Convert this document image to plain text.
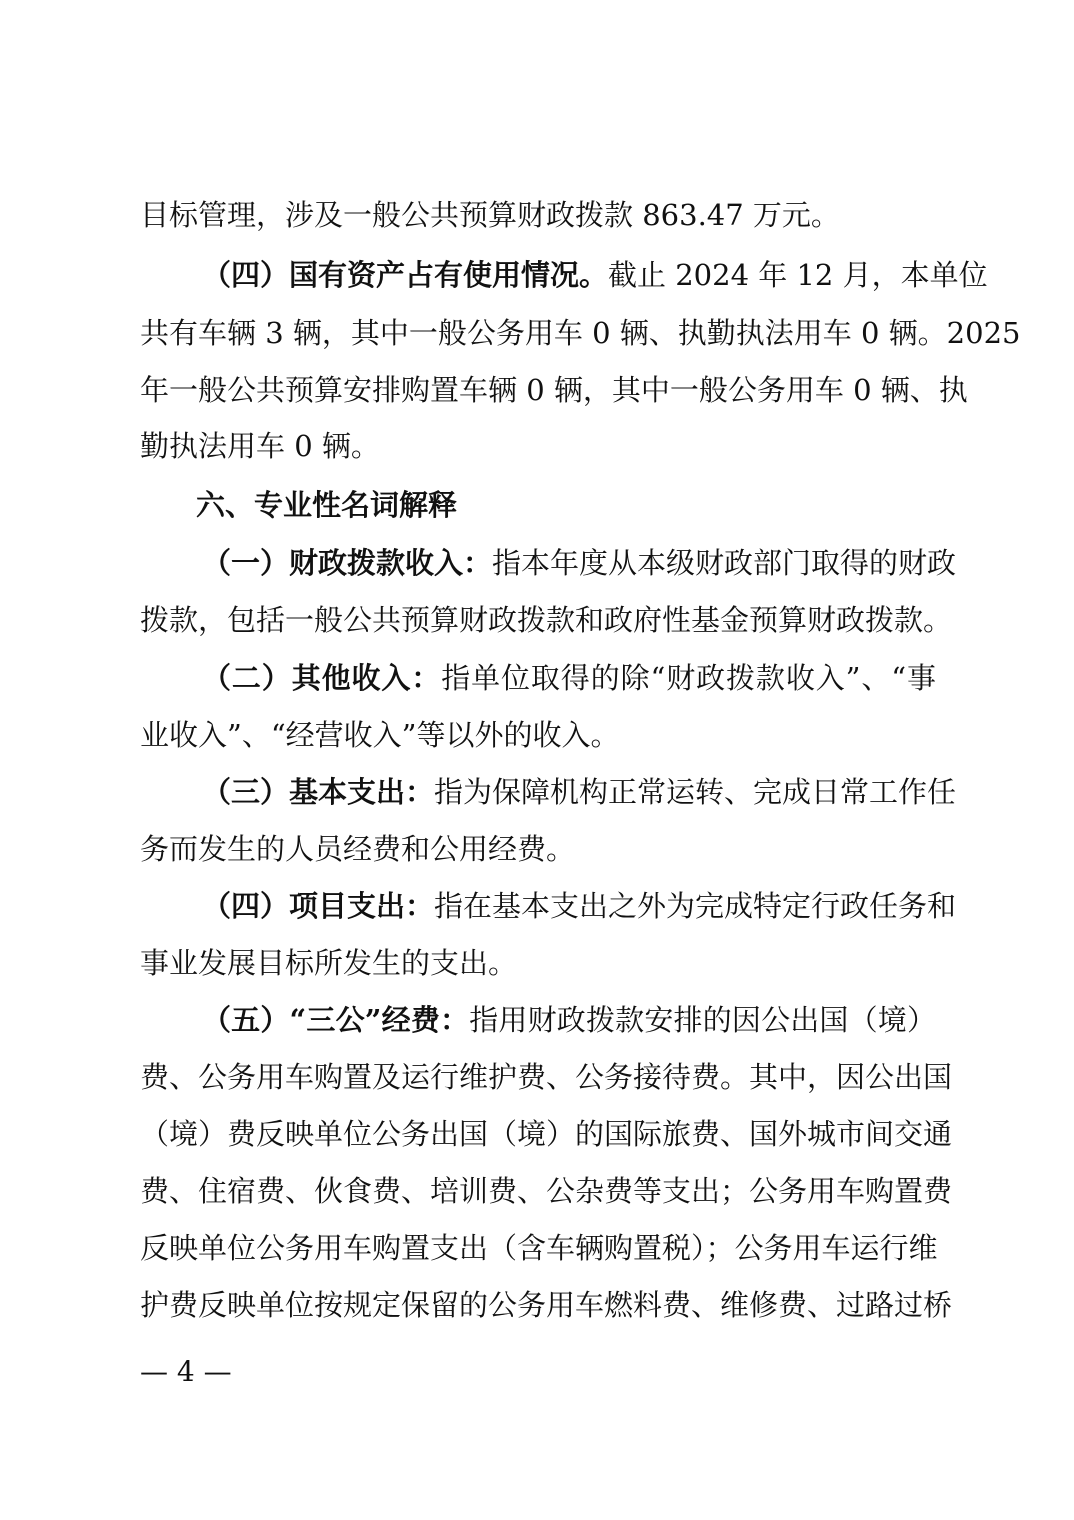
目标管理，涉及一般公共预算财政拨款 863.47 万元。
（四）国有资产占有使用情况。截止 2024 年 12 月，本单位
共有车辆 3 辆，其中一般公务用车 0 辆、执勤执法用车 0 辆。2025
年一般公共预算安排购置车辆 0 辆，其中一般公务用车 0 辆、执
勤执法用车 0 辆。
六、专业性名词解释
（一）财政拨款收入：指本年度从本级财政部门取得的财政
拨款，包括一般公共预算财政拨款和政府性基金预算财政拨款。
（二）其他收入：指单位取得的除“财政拨款收入”、“事
业收入”、“经营收入”等以外的收入。
（三）基本支出：指为保障机构正常运转、完成日常工作任
务而发生的人员经费和公用经费。
（四）项目支出：指在基本支出之外为完成特定行政任务和
事业发展目标所发生的支出。
（五）“三公”经费：指用财政拨款安排的因公出国（境）
费、公务用车购置及运行维护费、公务接待费。其中，因公出国
（境）费反映单位公务出国（境）的国际旅费、国外城市间交通
费、住宿费、伙食费、培训费、公杂费等支出；公务用车购置费
反映单位公务用车购置支出（含车辆购置税）；公务用车运行维
护费反映单位按规定保留的公务用车燃料费、维修费、过路过桥
— 4 —
